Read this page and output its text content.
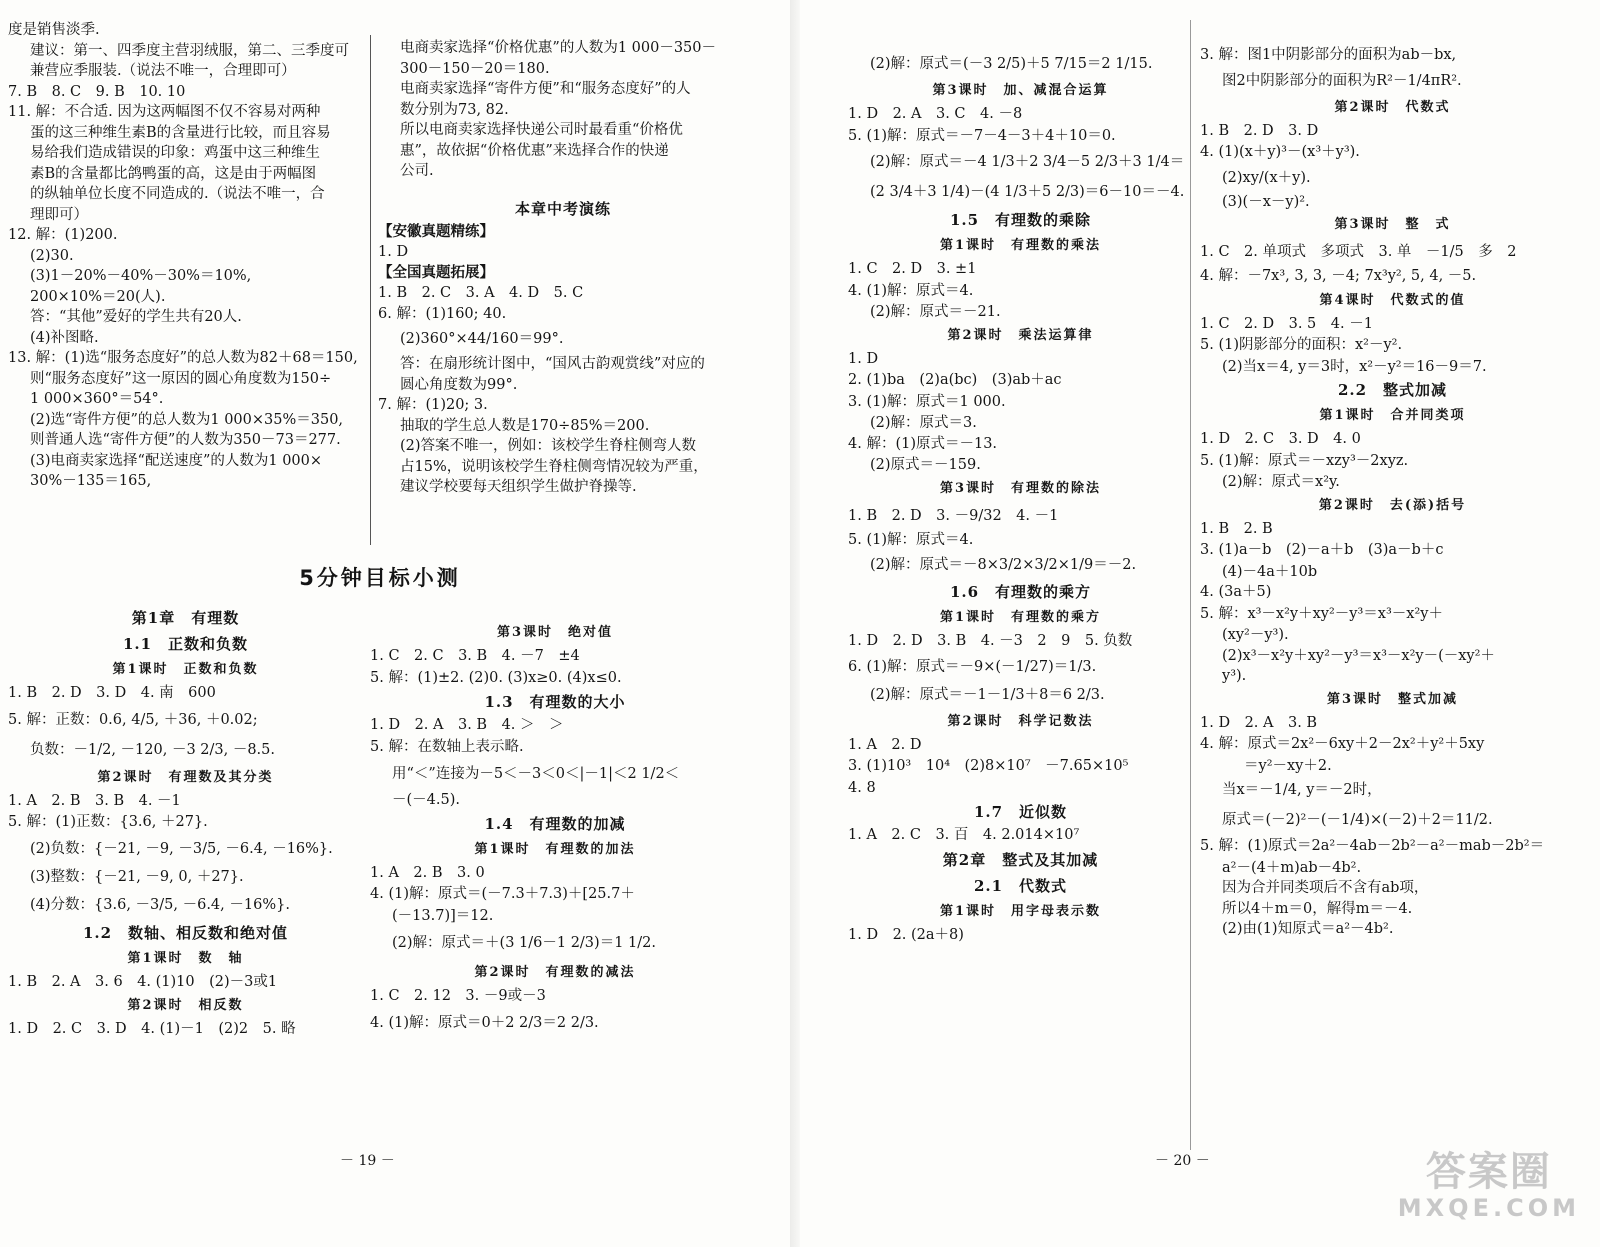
度是销售淡季.

建议：第一、四季度主营羽绒服，第二、三季度可

兼营应季服装.（说法不唯一，合理即可）

7. B　8. C　9. B　10. 10

11. 解：不合适. 因为这两幅图不仅不容易对两种

蛋的这三种维生素B的含量进行比较，而且容易

易给我们造成错误的印象：鸡蛋中这三种维生

素B的含量都比鸽鸭蛋的高，这是由于两幅图

的纵轴单位长度不同造成的.（说法不唯一，合

理即可）

12. 解：(1)200.

(2)30.

(3)1－20%－40%－30%＝10%,

200×10%＝20(人).

答：“其他”爱好的学生共有20人.

(4)补图略.

13. 解：(1)选“服务态度好”的总人数为82＋68＝150,

则“服务态度好”这一原因的圆心角度数为150÷

1 000×360°＝54°.

(2)选“寄件方便”的总人数为1 000×35%＝350,

则普通人选“寄件方便”的人数为350－73＝277.

(3)电商卖家选择“配送速度”的人数为1 000×

30%－135＝165,

电商卖家选择“价格优惠”的人数为1 000－350－

300－150－20＝180.

电商卖家选择“寄件方便”和“服务态度好”的人

数分别为73, 82.

所以电商卖家选择快递公司时最看重“价格优

惠”，故依据“价格优惠”来选择合作的快递

公司.

本章中考演练

【安徽真题精练】

1. D

【全国真题拓展】

1. B　2. C　3. A　4. D　5. C

6. 解：(1)160; 40.

(2)360°×44/160＝99°.

答：在扇形统计图中，“国风古韵观赏线”对应的

圆心角度数为99°.

7. 解：(1)20; 3.

抽取的学生总人数是170÷85%＝200.

(2)答案不唯一，例如：该校学生脊柱侧弯人数

占15%，说明该校学生脊柱侧弯情况较为严重，

建议学校要每天组织学生做护脊操等.

5分钟目标小测

第1章　有理数

1.1　正数和负数

第1课时　正数和负数

1. B　2. D　3. D　4. 南　600

5. 解：正数：0.6, 4/5, ＋36, ＋0.02;

负数：－1/2, －120, －3 2/3, －8.5.

第2课时　有理数及其分类

1. A　2. B　3. B　4. －1

5. 解：(1)正数：{3.6, ＋27}.

(2)负数：{－21, －9, －3/5, －6.4, －16%}.

(3)整数：{－21, －9, 0, ＋27}.

(4)分数：{3.6, －3/5, －6.4, －16%}.

1.2　数轴、相反数和绝对值

第1课时　数　轴

1. B　2. A　3. 6　4. (1)10　(2)－3或1

第2课时　相反数

1. D　2. C　3. D　4. (1)－1　(2)2　5. 略

第3课时　绝对值

1. C　2. C　3. B　4. －7　±4

5. 解：(1)±2. (2)0. (3)x≥0. (4)x≤0.

1.3　有理数的大小

1. D　2. A　3. B　4. ＞　＞

5. 解：在数轴上表示略.

用“＜”连接为－5＜－3＜0＜|－1|＜2 1/2＜

－(－4.5).

1.4　有理数的加减

第1课时　有理数的加法

1. A　2. B　3. 0

4. (1)解：原式＝(－7.3＋7.3)＋[25.7＋

(－13.7)]＝12.

(2)解：原式＝＋(3 1/6－1 2/3)＝1 1/2.

第2课时　有理数的减法

1. C　2. 12　3. －9或－3

4. (1)解：原式＝0＋2 2/3＝2 2/3.

－ 19 －

(2)解：原式＝(－3 2/5)＋5 7/15＝2 1/15.

第3课时　加、减混合运算

1. D　2. A　3. C　4. －8

5. (1)解：原式＝－7－4－3＋4＋10＝0.

(2)解：原式＝－4 1/3＋2 3/4－5 2/3＋3 1/4＝

(2 3/4＋3 1/4)－(4 1/3＋5 2/3)＝6－10＝－4.

1.5　有理数的乘除

第1课时　有理数的乘法

1. C　2. D　3. ±1

4. (1)解：原式＝4.

(2)解：原式＝－21.

第2课时　乘法运算律

1. D

2. (1)ba　(2)a(bc)　(3)ab＋ac

3. (1)解：原式＝1 000.

(2)解：原式＝3.

4. 解：(1)原式＝－13.

(2)原式＝－159.

第3课时　有理数的除法

1. B　2. D　3. －9/32　4. －1

5. (1)解：原式＝4.

(2)解：原式＝－8×3/2×3/2×1/9＝－2.

1.6　有理数的乘方

第1课时　有理数的乘方

1. D　2. D　3. B　4. －3　2　9　5. 负数

6. (1)解：原式＝－9×(－1/27)＝1/3.

(2)解：原式＝－1－1/3＋8＝6 2/3.

第2课时　科学记数法

1. A　2. D

3. (1)10³　10⁴　(2)8×10⁷　－7.65×10⁵

4. 8

1.7　近似数

1. A　2. C　3. 百　4. 2.014×10⁷

第2章　整式及其加减

2.1　代数式

第1课时　用字母表示数

1. D　2. (2a＋8)

3. 解：图1中阴影部分的面积为ab－bx,

图2中阴影部分的面积为R²－1/4πR².

第2课时　代数式

1. B　2. D　3. D

4. (1)(x＋y)³－(x³＋y³).

(2)xy/(x＋y).

(3)(－x－y)².

第3课时　整　式

1. C　2. 单项式　多项式　3. 单　－1/5　多　2

4. 解：－7x³, 3, 3, －4; 7x³y², 5, 4, －5.

第4课时　代数式的值

1. C　2. D　3. 5　4. －1

5. (1)阴影部分的面积：x²－y².

(2)当x＝4, y＝3时，x²－y²＝16－9＝7.

2.2　整式加减

第1课时　合并同类项

1. D　2. C　3. D　4. 0

5. (1)解：原式＝－xzy³－2xyz.

(2)解：原式＝x²y.

第2课时　去(添)括号

1. B　2. B

3. (1)a－b　(2)－a＋b　(3)a－b＋c

(4)－4a＋10b

4. (3a＋5)

5. 解：x³－x²y＋xy²－y³＝x³－x²y＋

(xy²－y³).

(2)x³－x²y＋xy²－y³＝x³－x²y－(－xy²＋

y³).

第3课时　整式加减

1. D　2. A　3. B

4. 解：原式＝2x²－6xy＋2－2x²＋y²＋5xy

＝y²－xy＋2.

当x＝－1/4, y＝－2时，

原式＝(－2)²－(－1/4)×(－2)＋2＝11/2.

5. 解：(1)原式＝2a²－4ab－2b²－a²－mab－2b²＝

a²－(4＋m)ab－4b².

因为合并同类项后不含有ab项，

所以4＋m＝0，解得m＝－4.

(2)由(1)知原式＝a²－4b².

－ 20 －	答案圈
MXQE.COM
